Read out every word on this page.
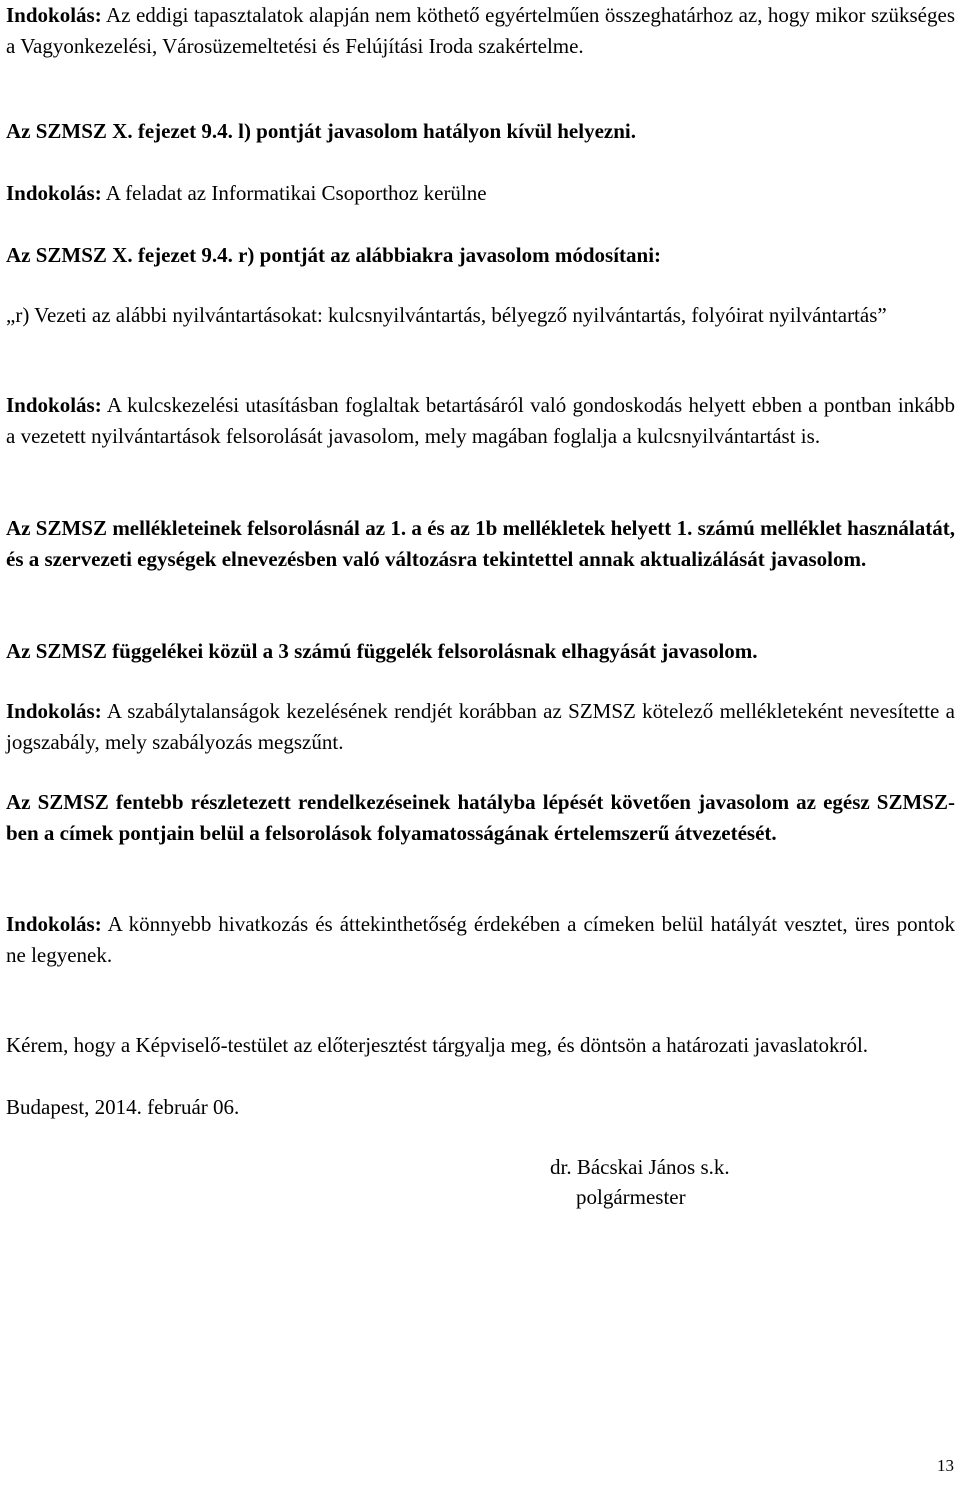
Indokolás: Az eddigi tapasztalatok alapján nem köthető egyértelműen összeghatárhoz az, hogy mikor szükséges a Vagyonkezelési, Városüzemeltetési és Felújítási Iroda szakértelme.

Az SZMSZ X. fejezet 9.4. l) pontját javasolom hatályon kívül helyezni.

Indokolás: A feladat az Informatikai Csoporthoz kerülne

Az SZMSZ X. fejezet 9.4. r) pontját az alábbiakra javasolom módosítani:

„r) Vezeti az alábbi nyilvántartásokat: kulcsnyilvántartás, bélyegző nyilvántartás, folyóirat nyilvántartás”

Indokolás: A kulcskezelési utasításban foglaltak betartásáról való gondoskodás helyett ebben a pontban inkább a vezetett nyilvántartások felsorolását javasolom, mely magában foglalja a kulcsnyilvántartást is.

Az SZMSZ mellékleteinek felsorolásnál az 1. a és az 1b mellékletek helyett 1. számú melléklet használatát, és a szervezeti egységek elnevezésben való változásra tekintettel annak aktualizálását javasolom.

Az SZMSZ függelékei közül a 3 számú függelék felsorolásnak elhagyását javasolom.

Indokolás: A szabálytalanságok kezelésének rendjét korábban az SZMSZ kötelező mellékleteként nevesítette a jogszabály, mely szabályozás megszűnt.

Az SZMSZ fentebb részletezett rendelkezéseinek hatályba lépését követően javasolom az egész SZMSZ-ben a címek pontjain belül a felsorolások folyamatosságának értelemszerű átvezetését.

Indokolás: A könnyebb hivatkozás és áttekinthetőség érdekében a címeken belül hatályát vesztet, üres pontok ne legyenek.

Kérem, hogy a Képviselő-testület az előterjesztést tárgyalja meg, és döntsön a határozati javaslatokról.

Budapest, 2014. február 06.

dr. Bácskai János s.k.
polgármester
13
